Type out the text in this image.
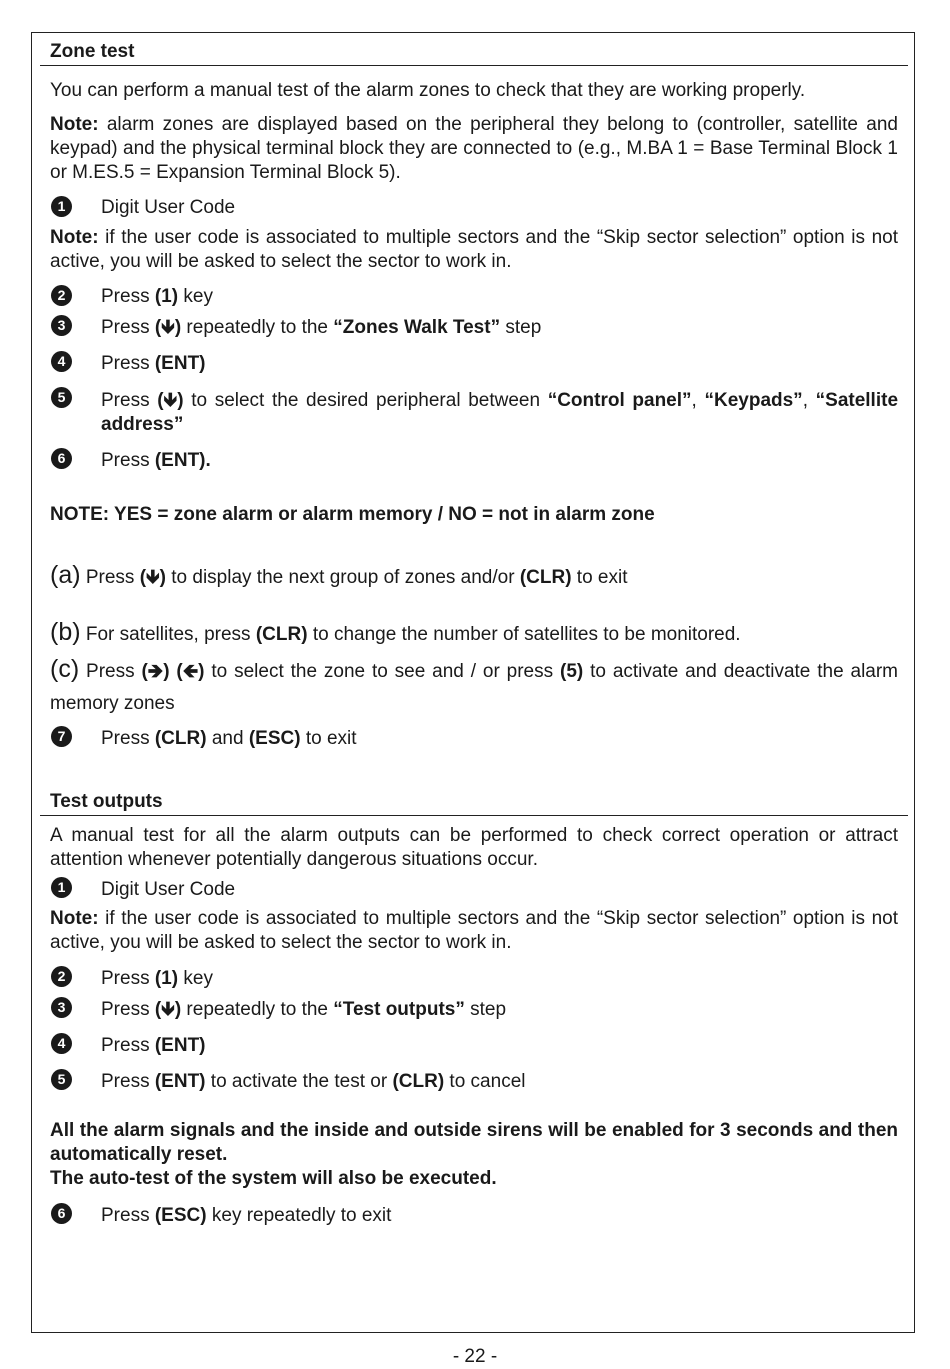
Zone test
You can perform a manual test of the alarm zones to check that they are working properly.
Note: alarm zones are displayed based on the peripheral they belong to (controller, satellite and keypad) and the physical terminal block they are connected to (e.g., M.BA 1 = Base Terminal Block 1 or M.ES.5 = Expansion Terminal Block 5).
1	Digit User Code
Note: if the user code is associated to multiple sectors and the “Skip sector selection” option is not active, you will be asked to select the sector to work in.
2	Press (1) key
3	Press (🡻) repeatedly to the “Zones Walk Test” step
4	Press (ENT)
5	Press (🡻) to select the desired peripheral between “Control panel”, “Keypads”, “Satellite address”
6	Press (ENT).
NOTE: YES = zone alarm or alarm memory / NO = not in alarm zone
(a) Press (🡻) to display the next group of zones and/or (CLR) to exit
(b) For satellites, press (CLR) to change the number of satellites to be monitored.
(c) Press (🡺) (🡸) to select the zone to see and / or press (5) to activate and deactivate the alarm memory zones
7	Press (CLR) and (ESC) to exit
Test outputs
A manual test for all the alarm outputs can be performed to check correct operation or attract attention whenever potentially dangerous situations occur.
1	Digit User Code
Note: if the user code is associated to multiple sectors and the “Skip sector selection” option is not active, you will be asked to select the sector to work in.
2	Press (1) key
3	Press (🡻) repeatedly to the “Test outputs” step
4	Press (ENT)
5	Press (ENT) to activate the test or (CLR) to cancel
All the alarm signals and the inside and outside sirens will be enabled for 3 seconds and then automatically reset.
The auto-test of the system will also be executed.
6	Press (ESC) key repeatedly to exit
- 22 -
